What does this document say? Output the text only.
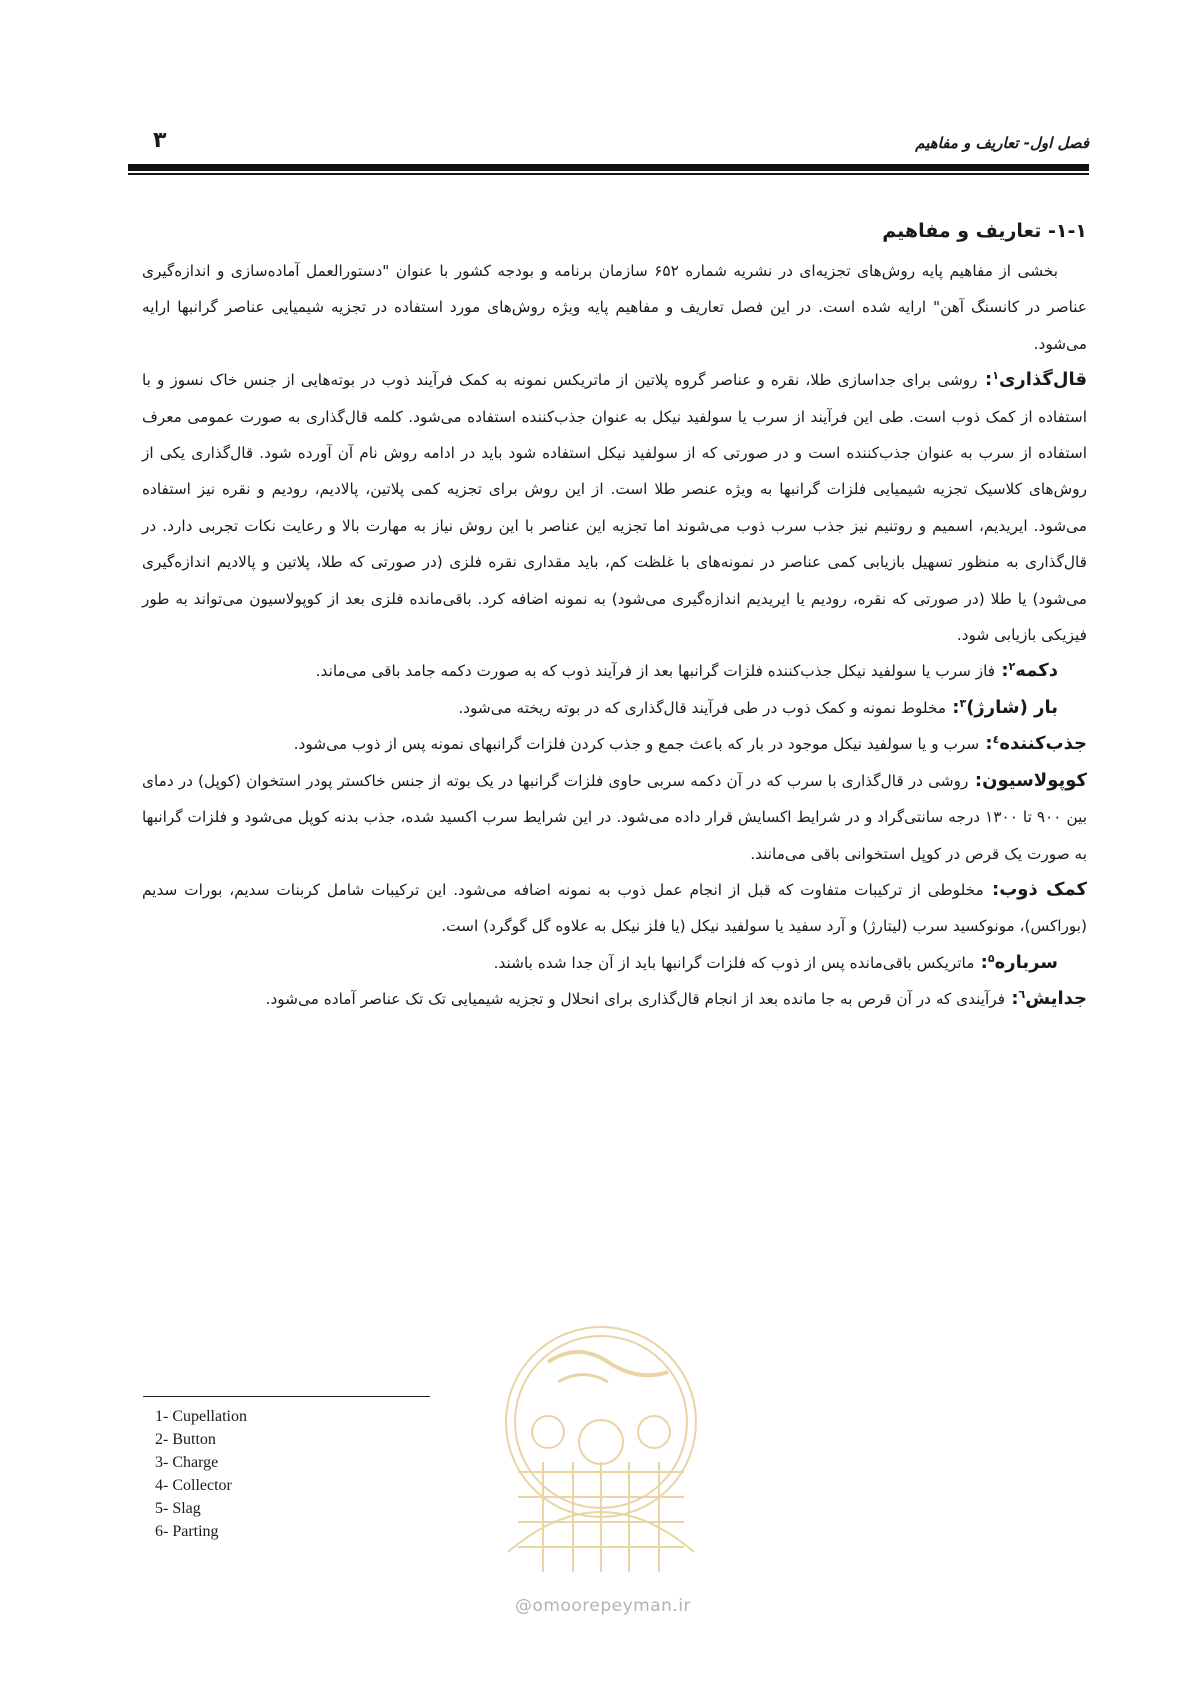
فصل اول- تعاریف و مفاهیم
۳

۱-۱- تعاریف و مفاهیم

بخشی از مفاهیم پایه روش‌های تجزیه‌ای در نشریه شماره ۶۵۲ سازمان برنامه و بودجه کشور با عنوان "دستورالعمل آماده‌سازی و اندازه‌گیری عناصر در کانسنگ آهن" ارایه شده است. در این فصل تعاریف و مفاهیم پایه ویژه روش‌های مورد استفاده در تجزیه شیمیایی عناصر گرانبها ارایه می‌شود.

قال‌گذاری$^۱$: روشی برای جداسازی طلا، نقره و عناصر گروه پلاتین از ماتریکس نمونه به کمک فرآیند ذوب در بوته‌هایی از جنس خاک نسوز و با استفاده از کمک ذوب است. طی این فرآیند از سرب یا سولفید نیکل به عنوان جذب‌کننده استفاده می‌شود. کلمه قال‌گذاری به صورت عمومی معرف استفاده از سرب به عنوان جذب‌کننده است و در صورتی که از سولفید نیکل استفاده شود باید در ادامه روش نام آن آورده شود. قال‌گذاری یکی از روش‌های کلاسیک تجزیه شیمیایی فلزات گرانبها به ویژه عنصر طلا است. از این روش برای تجزیه کمی پلاتین، پالادیم، رودیم و نقره نیز استفاده می‌شود. ایریدیم، اسمیم و روتنیم نیز جذب سرب ذوب می‌شوند اما تجزیه این عناصر با این روش نیاز به مهارت بالا و رعایت نکات تجربی دارد. در قال‌گذاری به منظور تسهیل بازیابی کمی عناصر در نمونه‌های با غلظت کم، باید مقداری نقره فلزی (در صورتی که طلا، پلاتین و پالادیم اندازه‌گیری می‌شود) یا طلا (در صورتی که نقره، رودیم یا ایریدیم اندازه‌گیری می‌شود) به نمونه اضافه کرد. باقی‌مانده فلزی بعد از کوپولاسیون می‌تواند به طور فیزیکی بازیابی شود.

دکمه$^۲$: فاز سرب یا سولفید نیکل جذب‌کننده فلزات گرانبها بعد از فرآیند ذوب که به صورت دکمه جامد باقی می‌ماند.

بار (شارژ)$^۳$: مخلوط نمونه و کمک ذوب در طی فرآیند قال‌گذاری که در بوته ریخته می‌شود.

جذب‌کننده$^٤$: سرب و یا سولفید نیکل موجود در بار که باعث جمع و جذب کردن فلزات گرانبهای نمونه پس از ذوب می‌شود.

کوپولاسیون: روشی در قال‌گذاری با سرب که در آن دکمه سربی حاوی فلزات گرانبها در یک بوته از جنس خاکستر پودر استخوان (کوپل) در دمای بین ۹۰۰ تا ۱۳۰۰ درجه سانتی‌گراد و در شرایط اکسایش قرار داده می‌شود. در این شرایط سرب اکسید شده، جذب بدنه کوپل می‌شود و فلزات گرانبها به صورت یک قرص در کوپل استخوانی باقی می‌مانند.

کمک ذوب: مخلوطی از ترکیبات متفاوت که قبل از انجام عمل ذوب به نمونه اضافه می‌شود. این ترکیبات شامل کربنات سدیم، بورات سدیم (بوراکس)، مونوکسید سرب (لیتارژ) و آرد سفید یا سولفید نیکل (یا فلز نیکل به علاوه گل گوگرد) است.

سرباره$^۵$: ماتریکس باقی‌مانده پس از ذوب که فلزات گرانبها باید از آن جدا شده باشند.

جدایش$^٦$: فرآیندی که در آن قرص به جا مانده بعد از انجام قال‌گذاری برای انحلال و تجزیه شیمیایی تک تک عناصر آماده می‌شود.

1- Cupellation
2- Button
3- Charge
4- Collector
5- Slag
6- Parting
@omoorepeyman.ir
